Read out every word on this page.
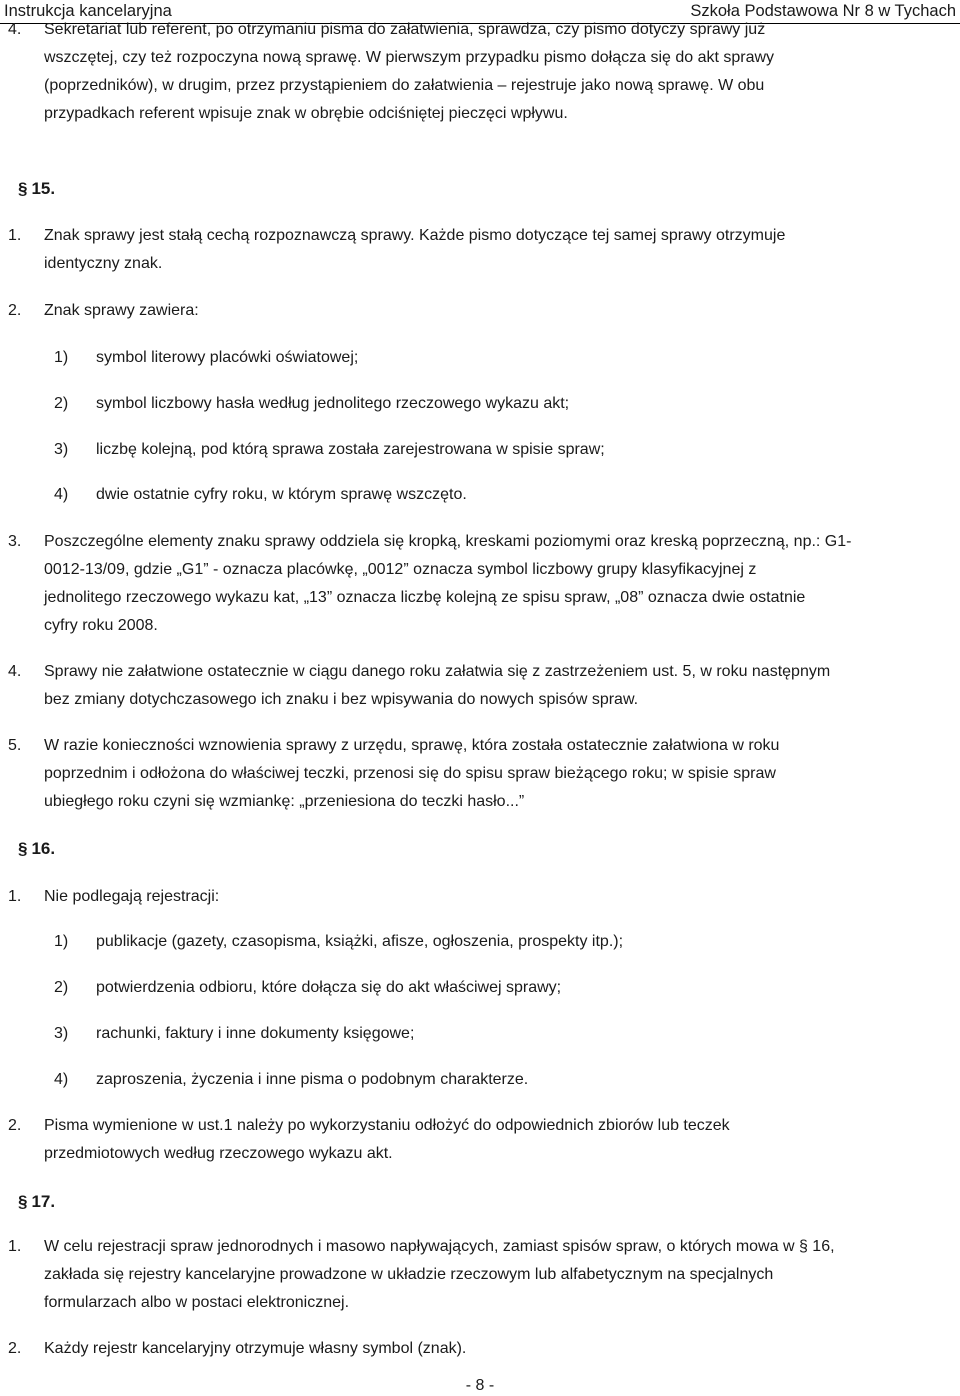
Instrukcja kancelaryjna	Szkoła Podstawowa Nr 8 w Tychach
4. Sekretariat lub referent, po otrzymaniu pisma do załatwienia, sprawdza, czy pismo dotyczy sprawy już
wszczętej, czy też rozpoczyna nową sprawę. W pierwszym przypadku pismo dołącza się do akt sprawy
(poprzedników), w drugim, przez przystąpieniem do załatwienia – rejestruje jako nową sprawę. W obu
przypadkach referent wpisuje znak w obrębie odciśniętej pieczęci wpływu.
§ 15.
1. Znak sprawy jest stałą cechą rozpoznawczą sprawy. Każde pismo dotyczące tej samej sprawy otrzymuje
identyczny znak.
2. Znak sprawy zawiera:
1) symbol literowy placówki oświatowej;
2) symbol liczbowy hasła według jednolitego rzeczowego wykazu akt;
3) liczbę kolejną, pod którą sprawa została zarejestrowana w spisie spraw;
4) dwie ostatnie cyfry roku, w którym sprawę wszczęto.
3. Poszczególne elementy znaku sprawy oddziela się kropką, kreskami poziomymi oraz kreską poprzeczną, np.: G1-
0012-13/09, gdzie „G1” - oznacza placówkę, „0012” oznacza symbol liczbowy grupy klasyfikacyjnej z
jednolitego rzeczowego wykazu kat, „13” oznacza liczbę kolejną ze spisu spraw, „08” oznacza dwie ostatnie
cyfry roku 2008.
4. Sprawy nie załatwione ostatecznie w ciągu danego roku załatwia się z zastrzeżeniem ust. 5, w roku następnym
bez zmiany dotychczasowego ich znaku i bez wpisywania do nowych spisów spraw.
5. W razie konieczności wznowienia sprawy z urzędu, sprawę, która została ostatecznie załatwiona w roku
poprzednim i odłożona do właściwej teczki, przenosi się do spisu spraw bieżącego roku; w spisie spraw
ubiegłego roku czyni się wzmiankę: „przeniesiona do teczki hasło...”
§ 16.
1. Nie podlegają rejestracji:
1) publikacje (gazety, czasopisma, książki, afisze, ogłoszenia, prospekty itp.);
2) potwierdzenia odbioru, które dołącza się do akt właściwej sprawy;
3) rachunki, faktury i inne dokumenty księgowe;
4) zaproszenia, życzenia i inne pisma o podobnym charakterze.
2. Pisma wymienione w ust.1 należy po wykorzystaniu odłożyć do odpowiednich zbiorów lub teczek
przedmiotowych według rzeczowego wykazu akt.
§ 17.
1. W celu rejestracji spraw jednorodnych i masowo napływających, zamiast spisów spraw, o których mowa w § 16,
zakłada się rejestry kancelaryjne prowadzone w układzie rzeczowym lub alfabetycznym na specjalnych
formularzach albo w postaci elektronicznej.
2. Każdy rejestr kancelaryjny otrzymuje własny symbol (znak).
- 8 -
